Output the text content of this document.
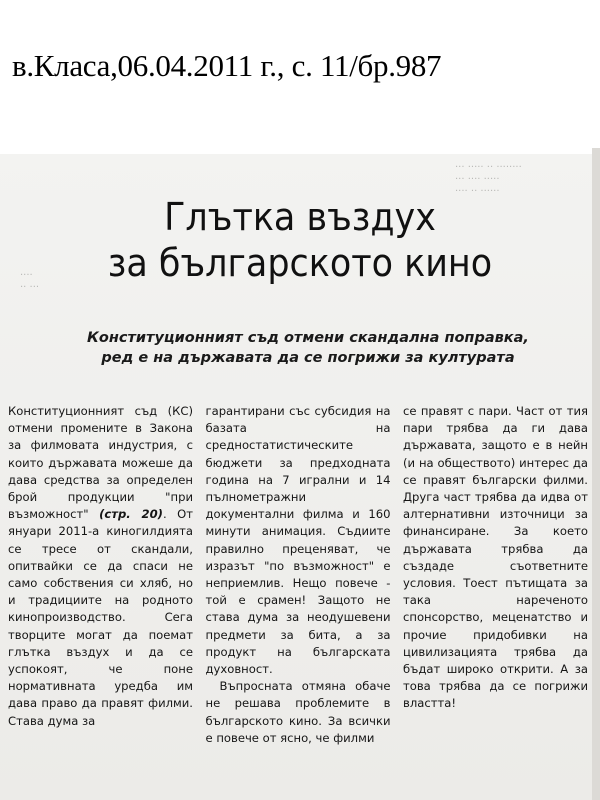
в.Класа,06.04.2011 г., с. 11/бр.987
··· ····· ·· ········
··· ···· ·····
···· ·· ······
····
·· ···
Глътка въздух
за българското кино
Конституционният съд отмени скандална поправка,
ред е на държавата да се погрижи за културата

Конституционният съд (КС) отмени промените в Закона за филмовата индустрия, с които държавата можеше да дава средства за определен брой продукции "при възможност" (стр. 20). От януари 2011-а киногилдията се тресе от скандали, опитвайки се да спаси не само собствения си хляб, но и традициите на родното кинопроизводство. Сега творците могат да поемат глътка въздух и да се успокоят, че поне нормативната уредба им дава право да правят филми. Става дума за

гарантирани със субсидия на базата на средностатистическите бюджети за предходната година на 7 игрални и 14 пълнометражни документални филма и 160 минути анимация. Съдиите правилно преценяват, че изразът "по възможност" е неприемлив. Нещо повече - той е срамен! Защото не става дума за неодушевени предмети за бита, а за продукт на българската духовност.

Въпросната отмяна обаче не решава проблемите в българското кино. За всички е повече от ясно, че филми

се правят с пари. Част от тия пари трябва да ги дава държавата, защото е в нейн (и на обществото) интерес да се правят български филми. Друга част трябва да идва от алтернативни източници за финансиране. За което държавата трябва да създаде съответните условия. Тоест пътищата за така нареченото спонсорство, меценатство и прочие придобивки на цивилизацията трябва да бъдат широко открити. А за това трябва да се погрижи властта!
